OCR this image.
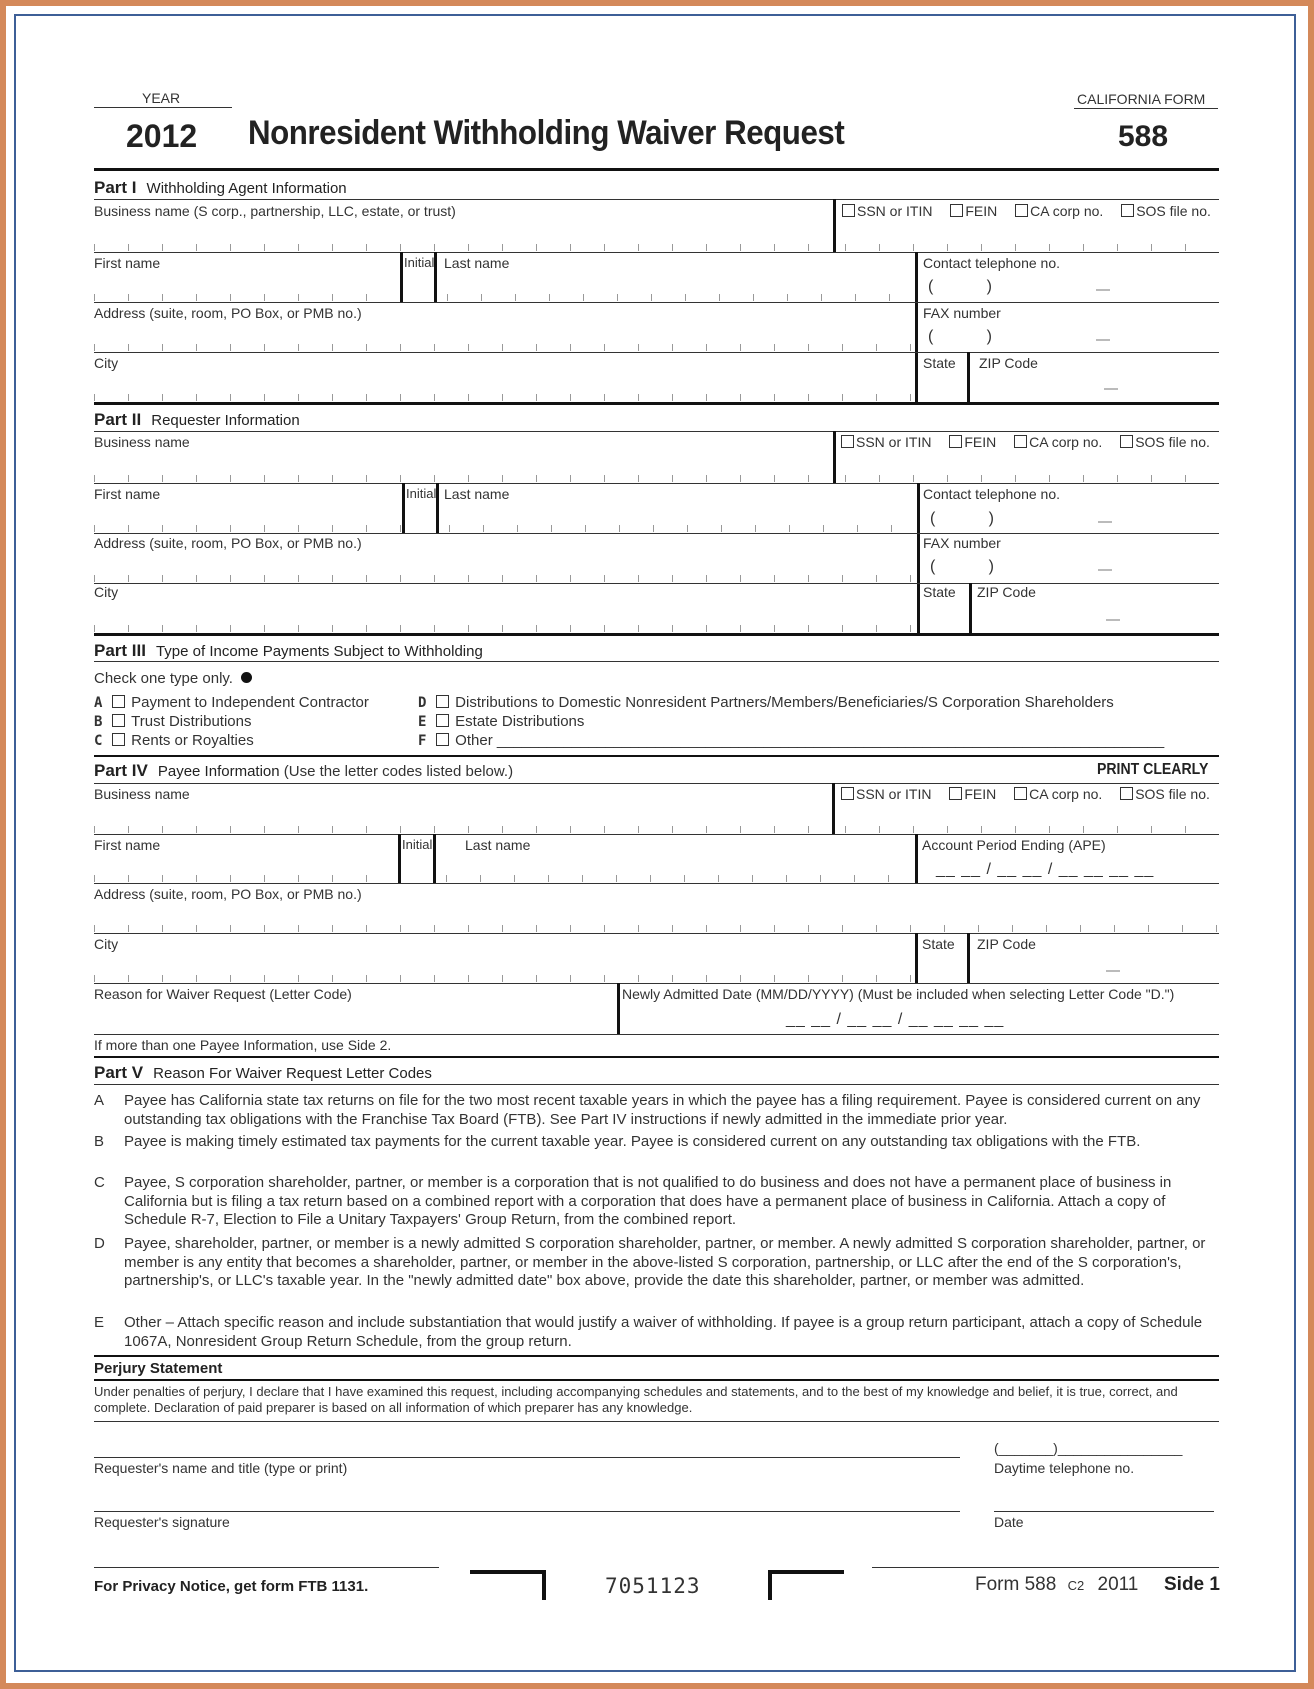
YEAR
2012 Nonresident Withholding Waiver Request
CALIFORNIA FORM
588
Part I Withholding Agent Information
Business name (S corp., partnership, LLC, estate, or trust)	SSN or ITIN FEIN CA corp no. SOS file no.
First name	Initial Last name	Contact telephone no.
(            )
Address (suite, room, PO Box, or PMB no.)	FAX number
(            )
City	State ZIP Code
Part II Requester Information
Business name	SSN or ITIN FEIN CA corp no. SOS file no.
First name	Initial Last name	Contact telephone no.
(            )
Address (suite, room, PO Box, or PMB no.)	FAX number
(            )
City	State ZIP Code
Part III Type of Income Payments Subject to Withholding
Check one type only.
A Payment to Independent Contractor
B Trust Distributions
C Rents or Royalties
D Distributions to Domestic Nonresident Partners/Members/Beneficiaries/S Corporation Shareholders
E Estate Distributions
F Other ________________________________________________________________________________
Part IV Payee Information (Use the letter codes listed below.)	PRINT CLEARLY
Business name	SSN or ITIN FEIN CA corp no. SOS file no.
First name	Initial Last name	Account Period Ending (APE)
__ __ / __ __ / __ __ __ __
Address (suite, room, PO Box, or PMB no.)
City	State ZIP Code
Reason for Waiver Request (Letter Code)	Newly Admitted Date (MM/DD/YYYY) (Must be included when selecting Letter Code "D.")
__ __ / __ __ / __ __ __ __
If more than one Payee Information, use Side 2.
Part V Reason For Waiver Request Letter Codes
A Payee has California state tax returns on file for the two most recent taxable years in which the payee has a filing requirement. Payee is considered current on any outstanding tax obligations with the Franchise Tax Board (FTB). See Part IV instructions if newly admitted in the immediate prior year.
B Payee is making timely estimated tax payments for the current taxable year. Payee is considered current on any outstanding tax obligations with the FTB.
C Payee, S corporation shareholder, partner, or member is a corporation that is not qualified to do business and does not have a permanent place of business in California but is filing a tax return based on a combined report with a corporation that does have a permanent place of business in California. Attach a copy of Schedule R-7, Election to File a Unitary Taxpayers' Group Return, from the combined report.
D Payee, shareholder, partner, or member is a newly admitted S corporation shareholder, partner, or member. A newly admitted S corporation shareholder, partner, or member is any entity that becomes a shareholder, partner, or member in the above-listed S corporation, partnership, or LLC after the end of the S corporation's, partnership's, or LLC's taxable year. In the "newly admitted date" box above, provide the date this shareholder, partner, or member was admitted.
E Other – Attach specific reason and include substantiation that would justify a waiver of withholding. If payee is a group return participant, attach a copy of Schedule 1067A, Nonresident Group Return Schedule, from the group return.
Perjury Statement
Under penalties of perjury, I declare that I have examined this request, including accompanying schedules and statements, and to the best of my knowledge and belief, it is true, correct, and complete. Declaration of paid preparer is based on all information of which preparer has any knowledge.
Requester's name and title (type or print)
(_______)________________
Daytime telephone no.
Requester's signature	Date
For Privacy Notice, get form FTB 1131.	7051123	Form 588 C2 2011 Side 1
